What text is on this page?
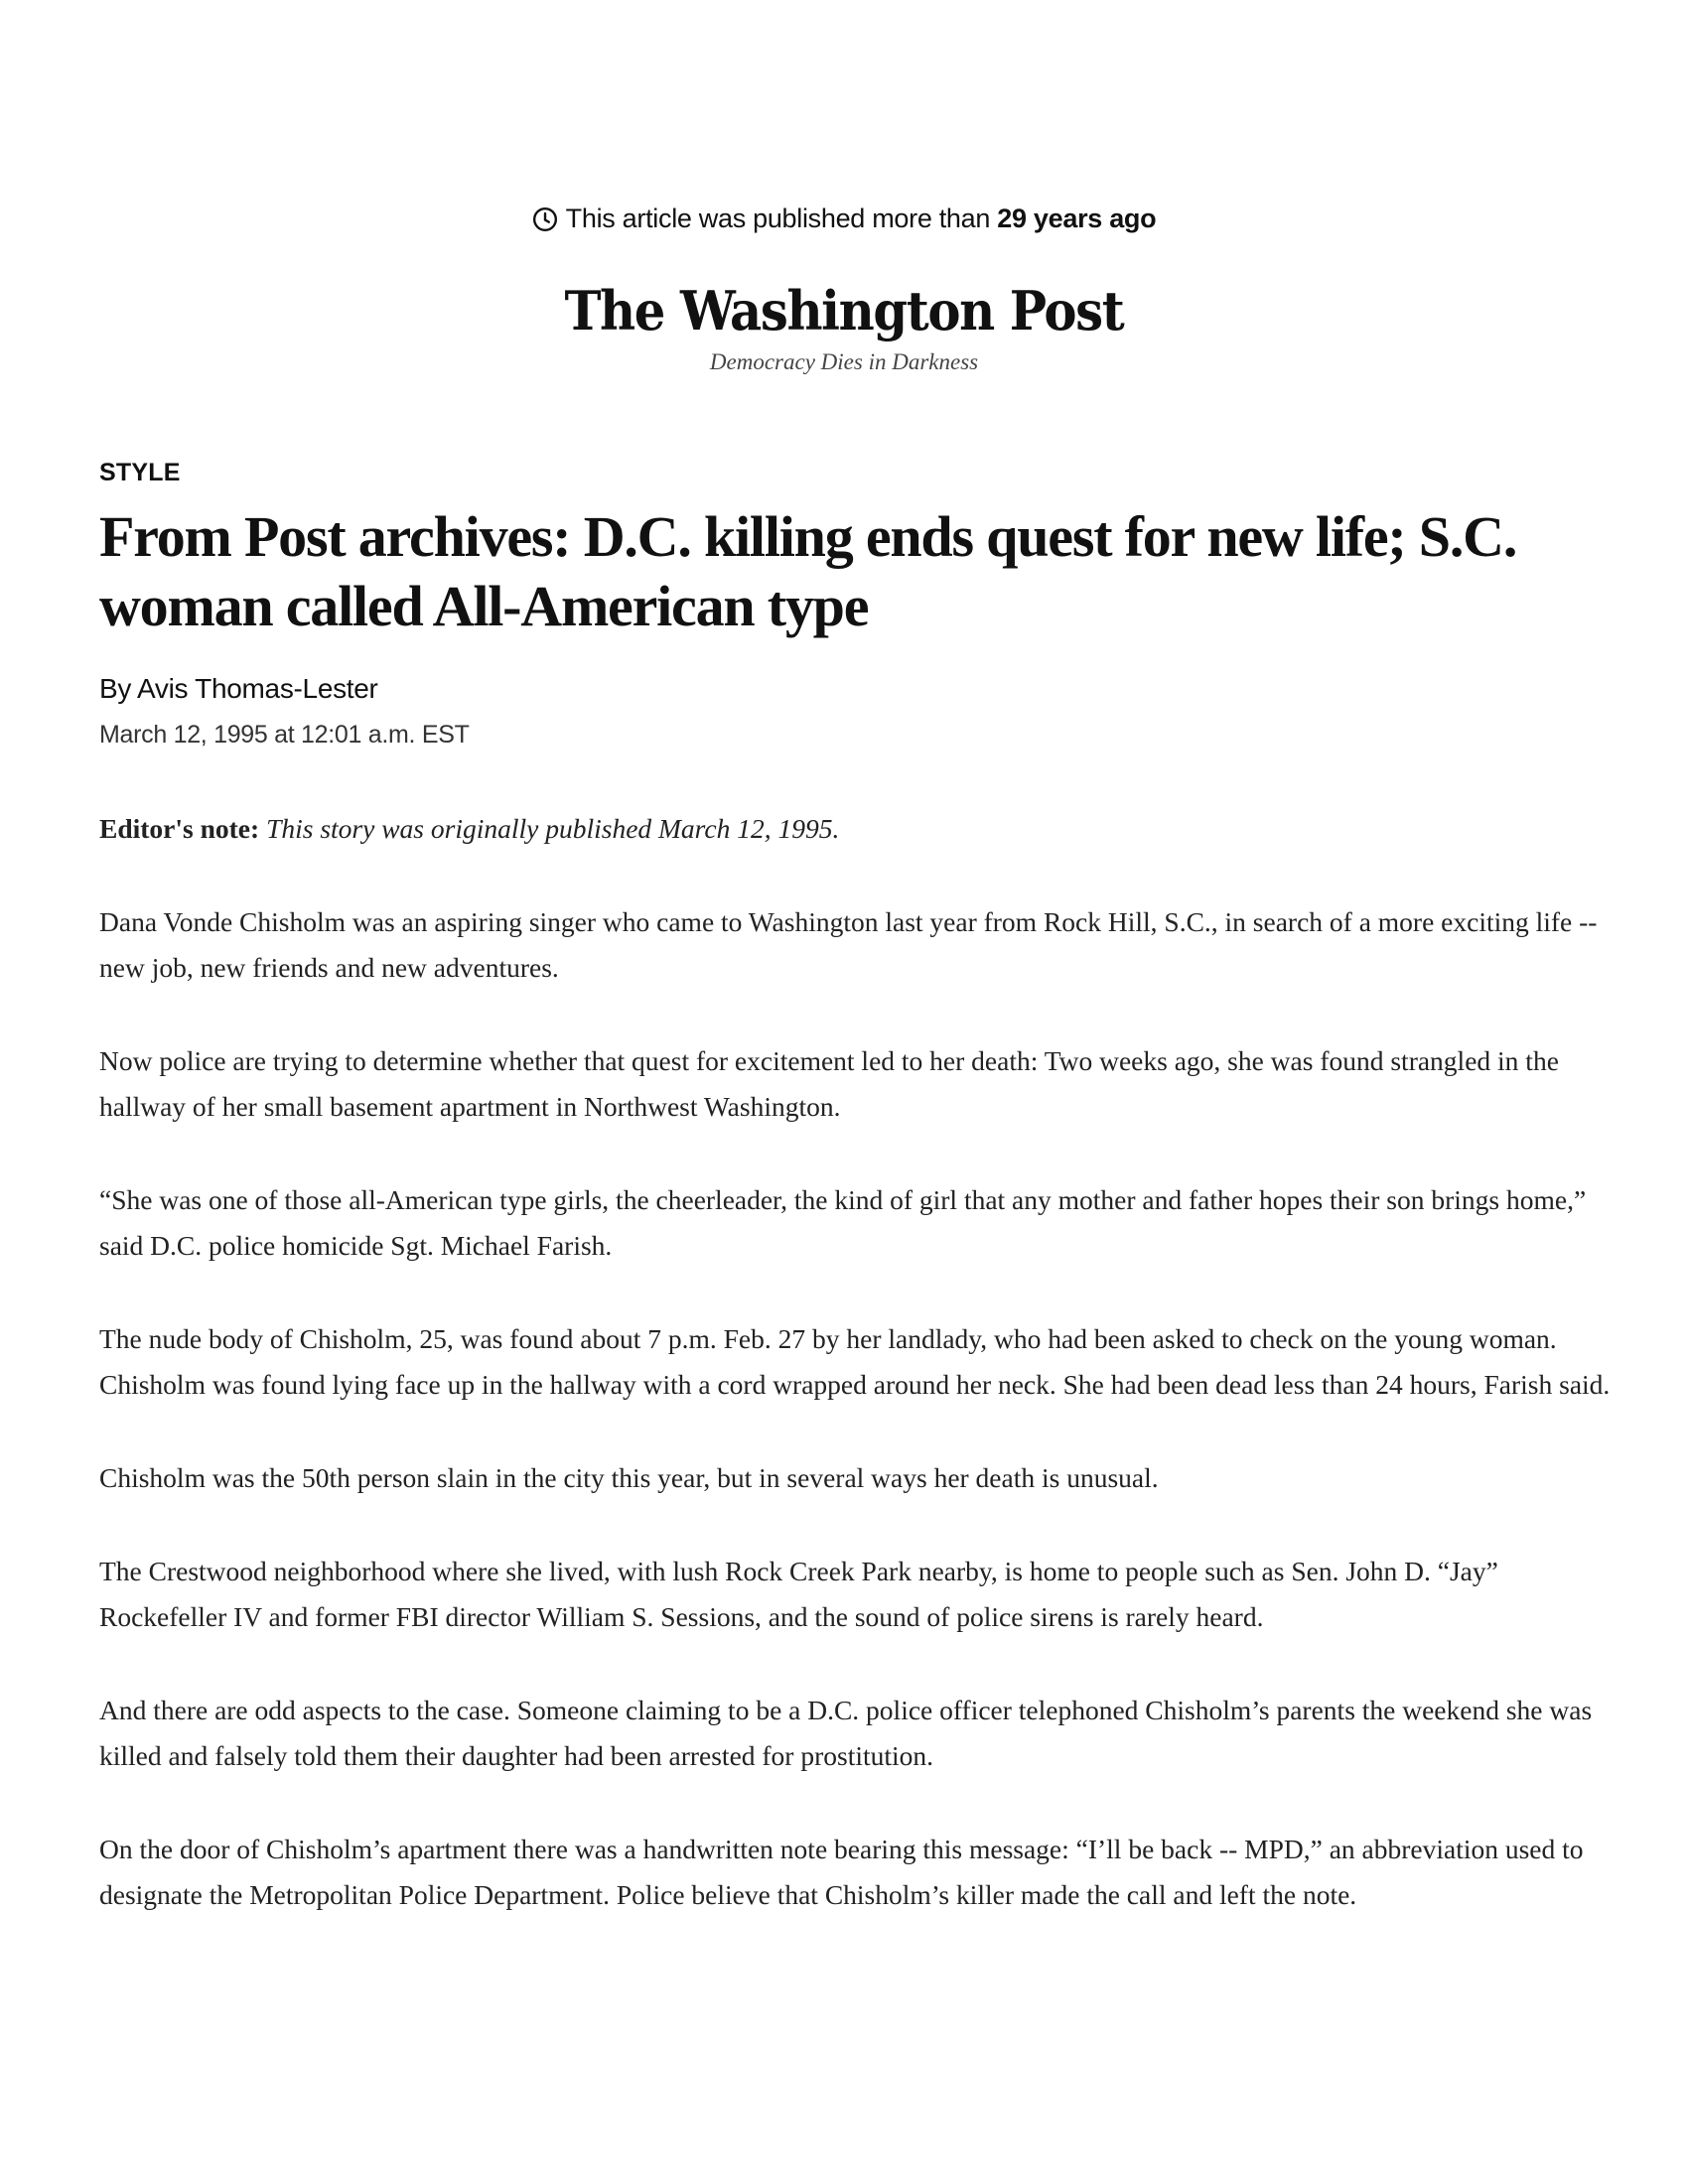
This article was published more than 29 years ago
The Washington Post
Democracy Dies in Darkness
STYLE
From Post archives: D.C. killing ends quest for new life; S.C. woman called All-American type
By Avis Thomas-Lester
March 12, 1995 at 12:01 a.m. EST

Editor's note: This story was originally published March 12, 1995.

Dana Vonde Chisholm was an aspiring singer who came to Washington last year from Rock Hill, S.C., in search of a more exciting life -- new job, new friends and new adventures.

Now police are trying to determine whether that quest for excitement led to her death: Two weeks ago, she was found strangled in the hallway of her small basement apartment in Northwest Washington.

“She was one of those all-American type girls, the cheerleader, the kind of girl that any mother and father hopes their son brings home,” said D.C. police homicide Sgt. Michael Farish.

The nude body of Chisholm, 25, was found about 7 p.m. Feb. 27 by her landlady, who had been asked to check on the young woman. Chisholm was found lying face up in the hallway with a cord wrapped around her neck. She had been dead less than 24 hours, Farish said.

Chisholm was the 50th person slain in the city this year, but in several ways her death is unusual.

The Crestwood neighborhood where she lived, with lush Rock Creek Park nearby, is home to people such as Sen. John D. “Jay” Rockefeller IV and former FBI director William S. Sessions, and the sound of police sirens is rarely heard.

And there are odd aspects to the case. Someone claiming to be a D.C. police officer telephoned Chisholm’s parents the weekend she was killed and falsely told them their daughter had been arrested for prostitution.

On the door of Chisholm’s apartment there was a handwritten note bearing this message: “I’ll be back -- MPD,” an abbreviation used to designate the Metropolitan Police Department. Police believe that Chisholm’s killer made the call and left the note.
